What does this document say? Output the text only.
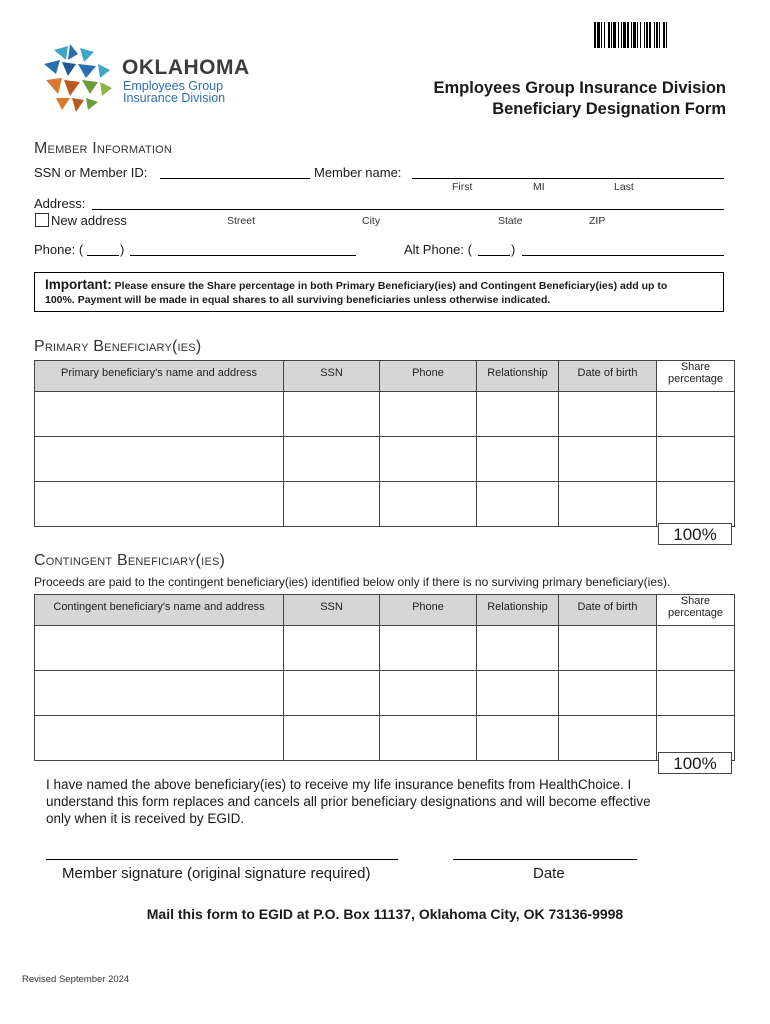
OKLAHOMA
Employees Group
Insurance Division
Employees Group Insurance Division
Beneficiary Designation Form
Member Information
SSN or Member ID:	Member name:
First	MI	Last
Address:
New address	Street	City	State	ZIP
Phone: (	)	Alt Phone: (	)
Important: Please ensure the Share percentage in both Primary Beneficiary(ies) and Contingent Beneficiary(ies) add up to
100%. Payment will be made in equal shares to all surviving beneficiaries unless otherwise indicated.
Primary Beneficiary(ies)
Primary beneficiary's name and address	SSN	Phone	Relationship	Date of birth	Share percentage

100%
Contingent Beneficiary(ies)
Proceeds are paid to the contingent beneficiary(ies) identified below only if there is no surviving primary beneficiary(ies).
Contingent beneficiary's name and address	SSN	Phone	Relationship	Date of birth	Share percentage

100%
I have named the above beneficiary(ies) to receive my life insurance benefits from HealthChoice. I
understand this form replaces and cancels all prior beneficiary designations and will become effective
only when it is received by EGID.
Member signature (original signature required)	Date
Mail this form to EGID at P.O. Box 11137, Oklahoma City, OK 73136-9998
Revised September 2024
